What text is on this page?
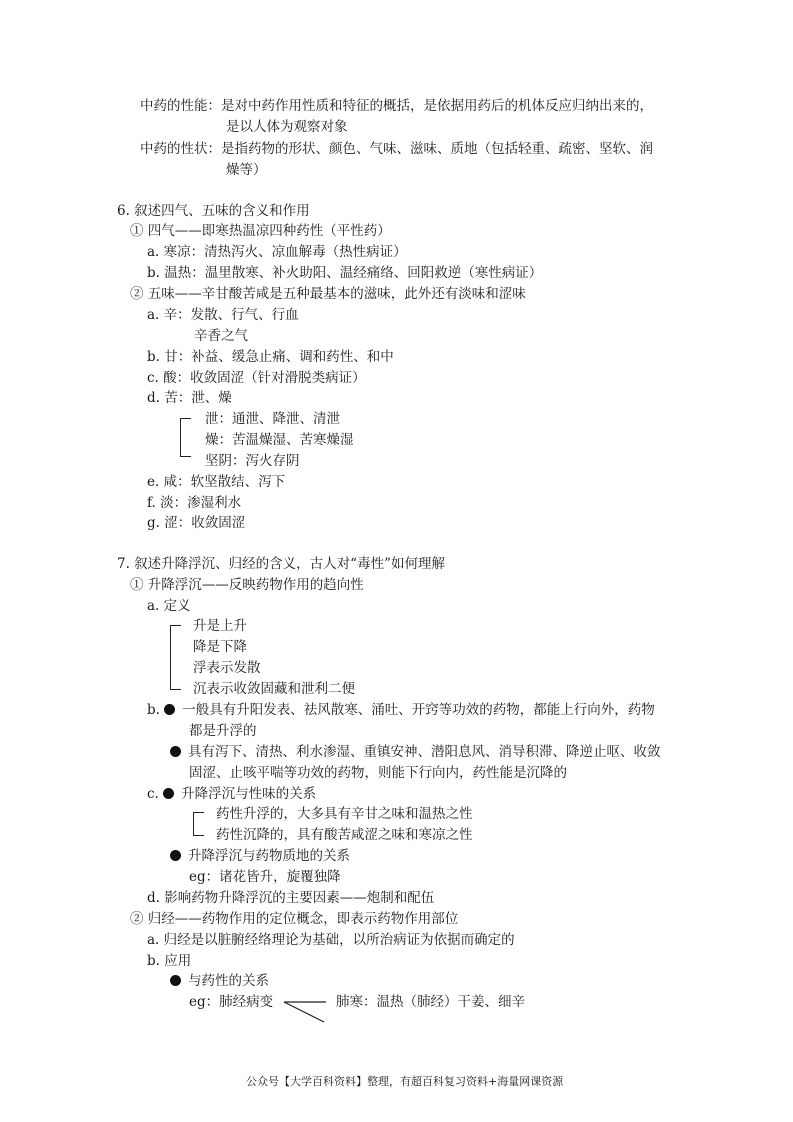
中药的性能：是对中药作用性质和特征的概括，是依据用药后的机体反应归纳出来的，
是以人体为观察对象
中药的性状：是指药物的形状、颜色、气味、滋味、质地（包括轻重、疏密、坚软、润
燥等）
6. 叙述四气、五味的含义和作用
① 四气——即寒热温凉四种药性（平性药）
a. 寒凉：清热泻火、凉血解毒（热性病证）
b. 温热：温里散寒、补火助阳、温经痛络、回阳救逆（寒性病证）
② 五味——辛甘酸苦咸是五种最基本的滋味，此外还有淡味和涩味
a. 辛：发散、行气、行血
辛香之气
b. 甘：补益、缓急止痛、调和药性、和中
c. 酸：收敛固涩（针对滑脱类病证）
d. 苦：泄、燥
泄：通泄、降泄、清泄
燥：苦温燥湿、苦寒燥湿
坚阴：泻火存阴
e. 咸：软坚散结、泻下
f. 淡：渗湿利水
g. 涩：收敛固涩
7. 叙述升降浮沉、归经的含义，古人对“毒性”如何理解
① 升降浮沉——反映药物作用的趋向性
a. 定义
升是上升
降是下降
浮表示发散
沉表示收敛固藏和泄利二便
b. 一般具有升阳发表、祛风散寒、涌吐、开窍等功效的药物，都能上行向外，药物
都是升浮的
具有泻下、清热、利水渗湿、重镇安神、潜阳息风、消导积滞、降逆止呕、收敛
固涩、止咳平喘等功效的药物，则能下行向内，药性能是沉降的
c. 升降浮沉与性味的关系
药性升浮的，大多具有辛甘之味和温热之性
药性沉降的，具有酸苦咸涩之味和寒凉之性
升降浮沉与药物质地的关系
eg：诸花皆升，旋覆独降
d. 影响药物升降浮沉的主要因素——炮制和配伍
② 归经——药物作用的定位概念，即表示药物作用部位
a. 归经是以脏腑经络理论为基础，以所治病证为依据而确定的
b. 应用
与药性的关系
eg：肺经病变	肺寒：温热（肺经）干姜、细辛
公众号【大学百科资料】整理，有超百科复习资料+海量网课资源
